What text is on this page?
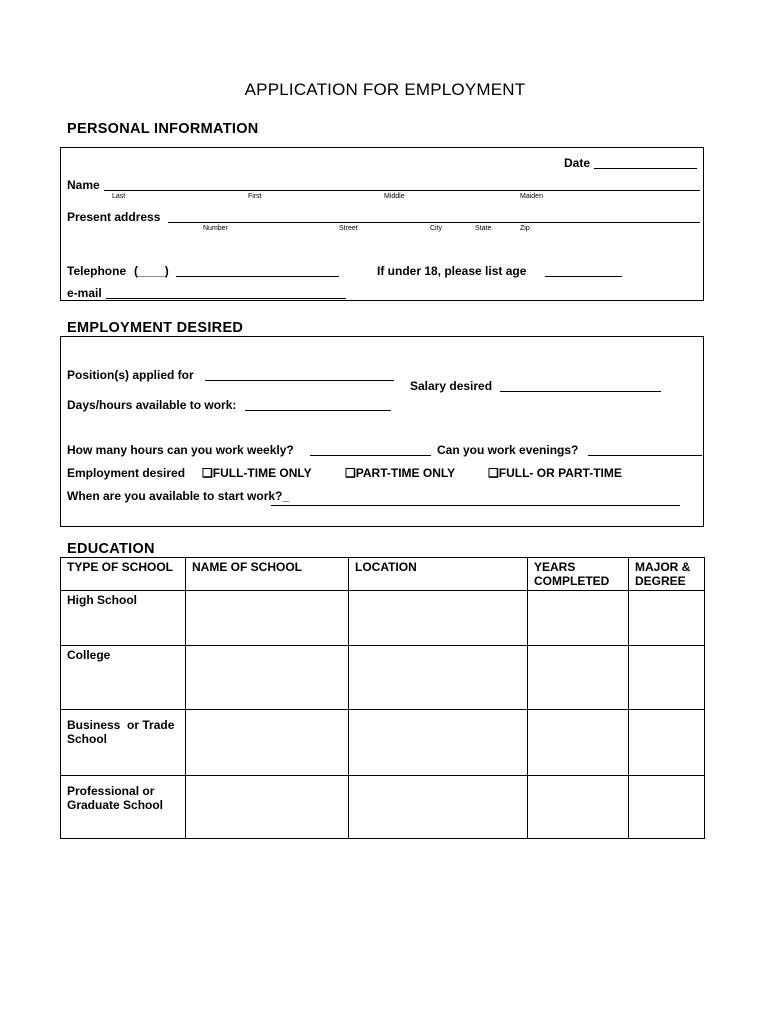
APPLICATION FOR EMPLOYMENT
PERSONAL INFORMATION
Date
Name
Last	First	Middle	Maiden
Present address
Number	Street	City	State	Zip
Telephone (____)	If under 18, please list age
e-mail
EMPLOYMENT DESIRED
Position(s) applied for
Salary desired
Days/hours available to work:
How many hours can you work weekly?	Can you work evenings?
Employment desired ❑FULL-TIME ONLY	❑PART-TIME ONLY	❑FULL- OR PART-TIME
When are you available to start work?_
EDUCATION
TYPE OF SCHOOL	NAME OF SCHOOL	LOCATION	YEARS COMPLETED	MAJOR & DEGREE
High School				
College				
Business  or Trade School				
Professional or Graduate School				
